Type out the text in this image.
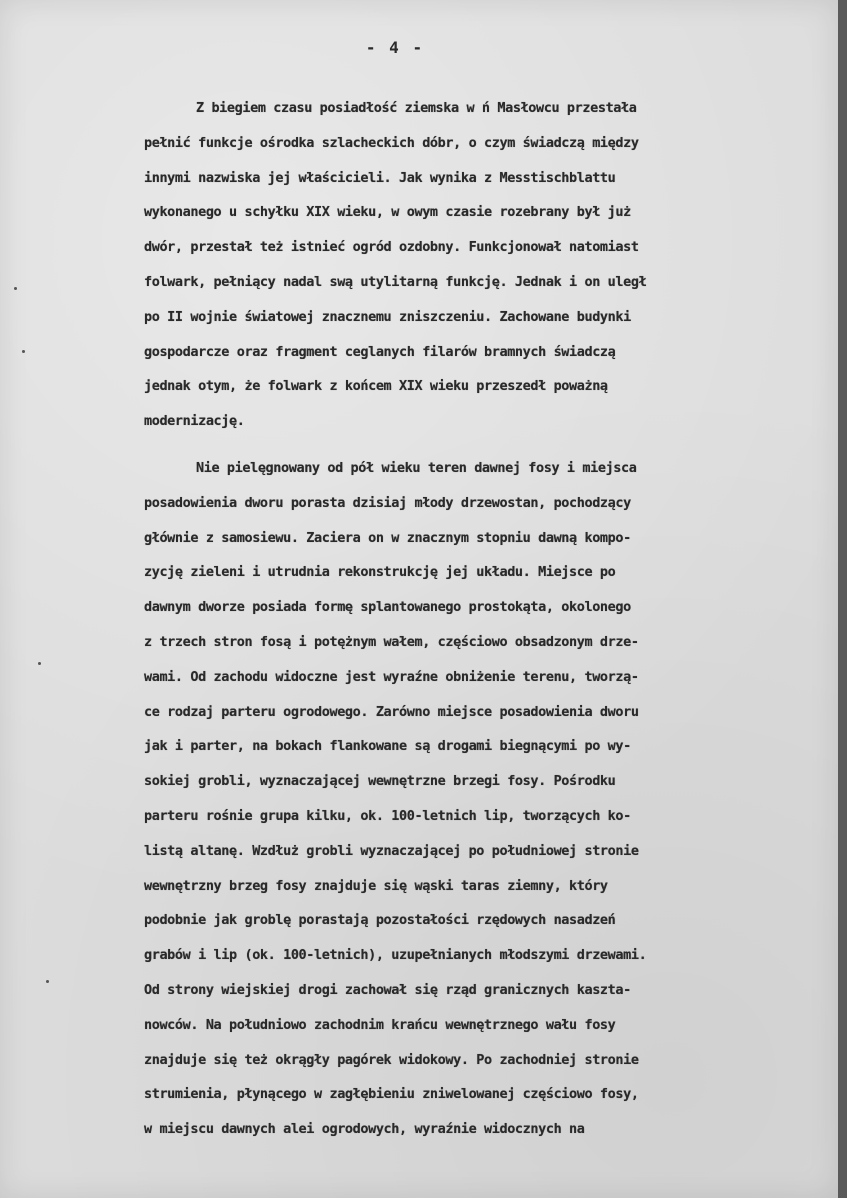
- 4 -
Z biegiem czasu posiadłość ziemska w ń Masłowcu przestała
pełnić funkcje ośrodka szlacheckich dóbr, o czym świadczą między
innymi nazwiska jej właścicieli. Jak wynika z Messtischblattu
wykonanego u schyłku XIX wieku, w owym czasie rozebrany był już
dwór, przestał też istnieć ogród ozdobny. Funkcjonował natomiast
folwark, pełniący nadal swą utylitarną funkcję. Jednak i on uległ
po II wojnie światowej znacznemu zniszczeniu. Zachowane budynki
gospodarcze oraz fragment ceglanych filarów bramnych świadczą
jednak otym, że folwark z końcem XIX wieku przeszedł poważną
modernizację.
Nie pielęgnowany od pół wieku teren dawnej fosy i miejsca
posadowienia dworu porasta dzisiaj młody drzewostan, pochodzący
głównie z samosiewu. Zaciera on w znacznym stopniu dawną kompo-
zycję zieleni i utrudnia rekonstrukcję jej układu. Miejsce po
dawnym dworze posiada formę splantowanego prostokąta, okolonego
z trzech stron fosą i potężnym wałem, częściowo obsadzonym drze-
wami. Od zachodu widoczne jest wyraźne obniżenie terenu, tworzą-
ce rodzaj parteru ogrodowego. Zarówno miejsce posadowienia dworu
jak i parter, na bokach flankowane są drogami biegnącymi po wy-
sokiej grobli, wyznaczającej wewnętrzne brzegi fosy. Pośrodku
parteru rośnie grupa kilku, ok. 100-letnich lip, tworzących ko-
listą altanę. Wzdłuż grobli wyznaczającej po południowej stronie
wewnętrzny brzeg fosy znajduje się wąski taras ziemny, który
podobnie jak groblę porastają pozostałości rzędowych nasadzeń
grabów i lip (ok. 100-letnich), uzupełnianych młodszymi drzewami.
Od strony wiejskiej drogi zachował się rząd granicznych kaszta-
nowców. Na południowo zachodnim krańcu wewnętrznego wału fosy
znajduje się też okrągły pagórek widokowy. Po zachodniej stronie
strumienia, płynącego w zagłębieniu zniwelowanej częściowo fosy,
w miejscu dawnych alei ogrodowych, wyraźnie widocznych na
